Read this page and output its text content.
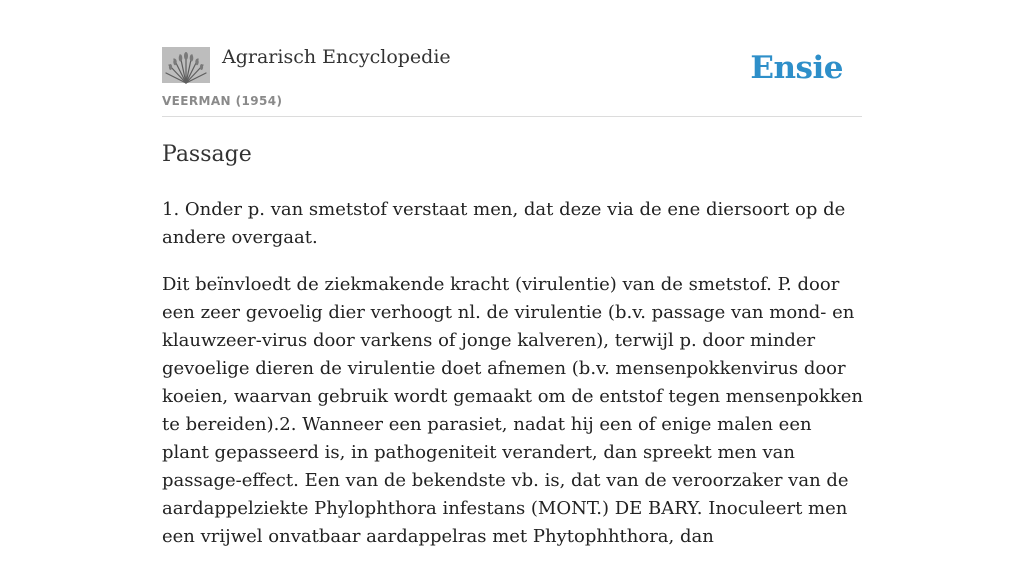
Agrarisch Encyclopedie
VEERMAN (1954)
Ensie
Passage

1. Onder p. van smetstof verstaat men, dat deze via de ene diersoort op de andere overgaat.

Dit beïnvloedt de ziekmakende kracht (virulentie) van de smetstof. P. door een zeer gevoelig dier verhoogt nl. de virulentie (b.v. passage van mond- en klauwzeer-virus door varkens of jonge kalveren), terwijl p. door minder gevoelige dieren de virulentie doet afnemen (b.v. mensenpokkenvirus door koeien, waarvan gebruik wordt gemaakt om de entstof tegen mensenpokken te bereiden).2. Wanneer een parasiet, nadat hij een of enige malen een plant gepasseerd is, in pathogeniteit verandert, dan spreekt men van passage-effect. Een van de bekendste vb. is, dat van de veroorzaker van de aardappelziekte Phylophthora infestans (MONT.) DE BARY. Inoculeert men een vrijwel onvatbaar aardappelras met Phytophhthora, dan
